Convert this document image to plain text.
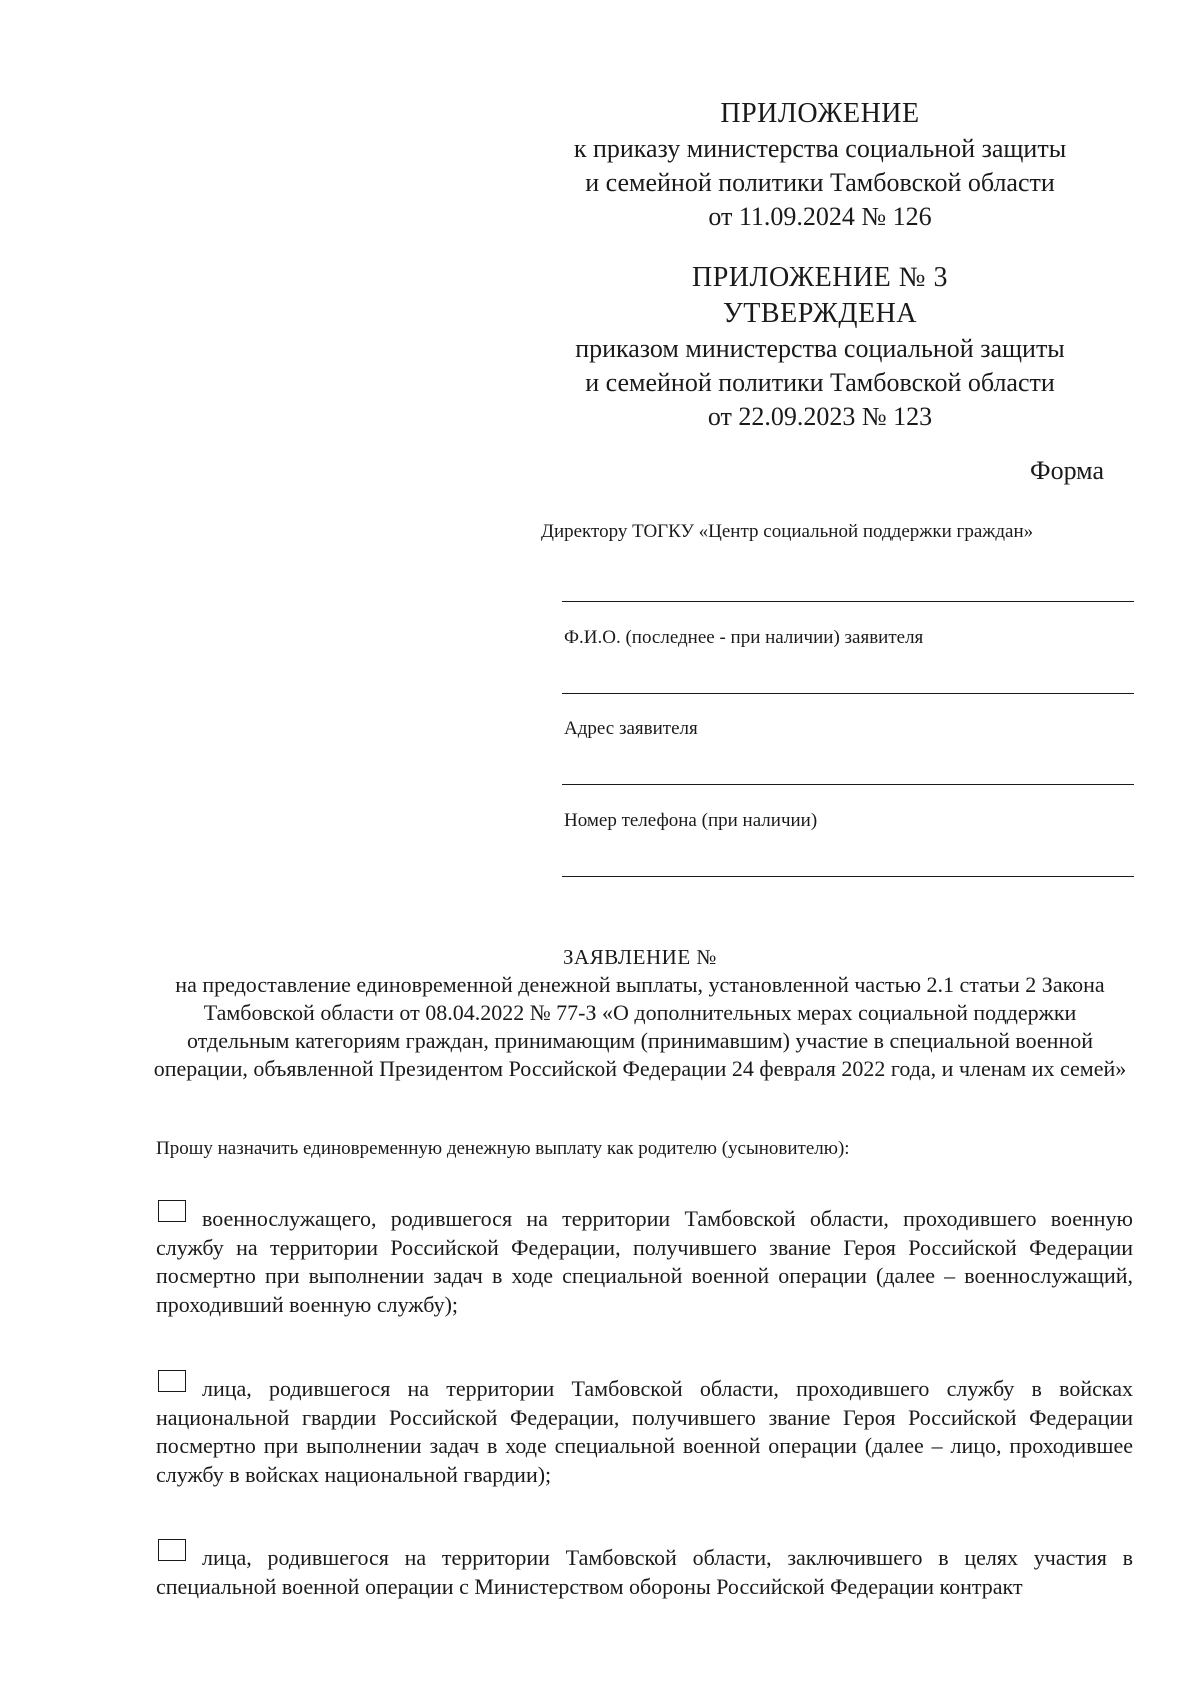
ПРИЛОЖЕНИЕ
к приказу министерства социальной защиты
и семейной политики Тамбовской области
от 11.09.2024 № 126
ПРИЛОЖЕНИЕ № 3
УТВЕРЖДЕНА
приказом министерства социальной защиты
и семейной политики Тамбовской области
от 22.09.2023 № 123
Форма
Директору ТОГКУ «Центр социальной поддержки граждан»
Ф.И.О. (последнее - при наличии) заявителя
Адрес заявителя
Номер телефона (при наличии)
ЗАЯВЛЕНИЕ №
на предоставление единовременной денежной выплаты, установленной частью 2.1 статьи 2 Закона Тамбовской области от 08.04.2022 № 77-З «О дополнительных мерах социальной поддержки отдельным категориям граждан, принимающим (принимавшим) участие в специальной военной операции, объявленной Президентом Российской Федерации 24 февраля 2022 года, и членам их семей»
Прошу назначить единовременную денежную выплату как родителю (усыновителю):
военнослужащего, родившегося на территории Тамбовской области, проходившего военную службу на территории Российской Федерации, получившего звание Героя Российской Федерации посмертно при выполнении задач в ходе специальной военной операции (далее – военнослужащий, проходивший военную службу);
лица, родившегося на территории Тамбовской области, проходившего службу в войсках национальной гвардии Российской Федерации, получившего звание Героя Российской Федерации посмертно при выполнении задач в ходе специальной военной операции (далее – лицо, проходившее службу в войсках национальной гвардии);
лица, родившегося на территории Тамбовской области, заключившего в целях участия в специальной военной операции с Министерством обороны Российской Федерации контракт
